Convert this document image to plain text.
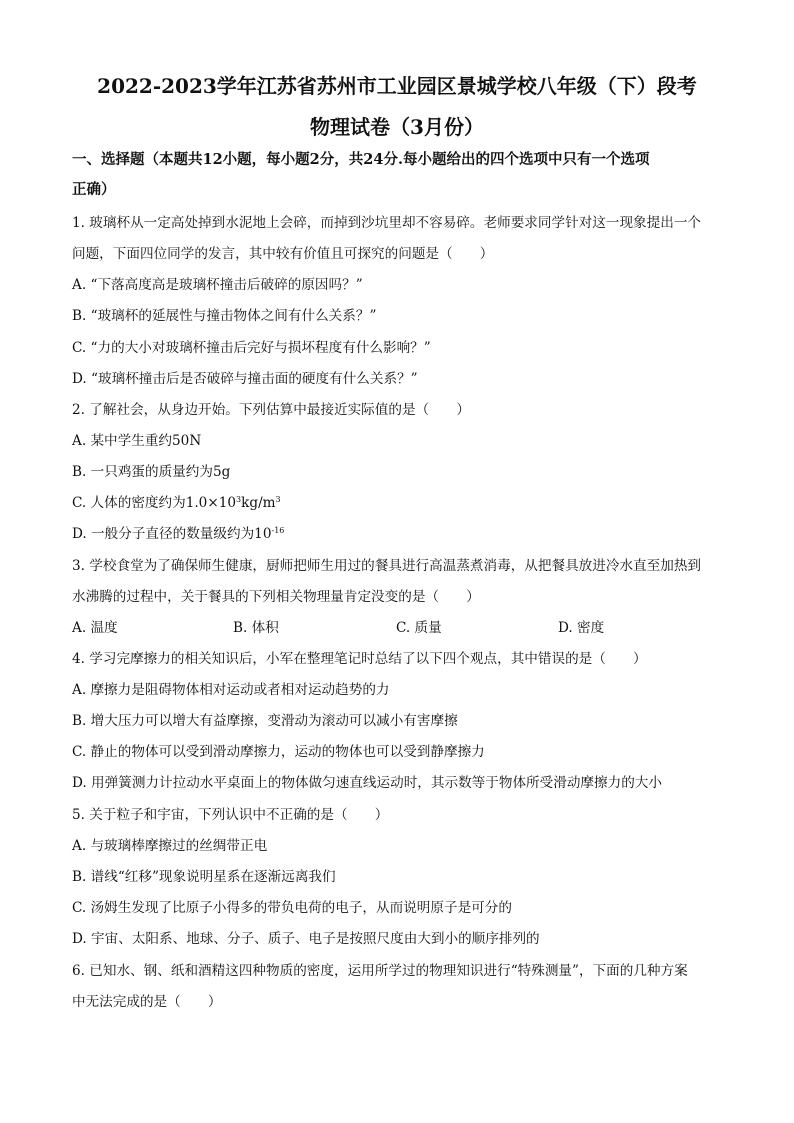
2022-2023学年江苏省苏州市工业园区景城学校八年级（下）段考
物理试卷（3月份）
一、选择题（本题共12小题，每小题2分，共24分.每小题给出的四个选项中只有一个选项
正确）
1. 玻璃杯从一定高处掉到水泥地上会碎，而掉到沙坑里却不容易碎。老师要求同学针对这一现象提出一个
问题，下面四位同学的发言，其中较有价值且可探究的问题是（　　）
A. “下落高度高是玻璃杯撞击后破碎的原因吗？”
B. “玻璃杯的延展性与撞击物体之间有什么关系？”
C. “力的大小对玻璃杯撞击后完好与损坏程度有什么影响？”
D. “玻璃杯撞击后是否破碎与撞击面的硬度有什么关系？”
2. 了解社会，从身边开始。下列估算中最接近实际值的是（　　）
A. 某中学生重约50N
B. 一只鸡蛋的质量约为5g
C. 人体的密度约为$1.0\times 10^3kg/m^3$
D. 一般分子直径的数量级约为$10^{-16}$
3. 学校食堂为了确保师生健康，厨师把师生用过的餐具进行高温蒸煮消毒，从把餐具放进冷水直至加热到
水沸腾的过程中，关于餐具的下列相关物理量肯定没变的是（　　）
A. 温度	B. 体积	C. 质量	D. 密度
4. 学习完摩擦力的相关知识后，小军在整理笔记时总结了以下四个观点，其中错误的是（　　）
A. 摩擦力是阻碍物体相对运动或者相对运动趋势的力
B. 增大压力可以增大有益摩擦，变滑动为滚动可以减小有害摩擦
C. 静止的物体可以受到滑动摩擦力，运动的物体也可以受到静摩擦力
D. 用弹簧测力计拉动水平桌面上的物体做匀速直线运动时，其示数等于物体所受滑动摩擦力的大小
5. 关于粒子和宇宙，下列认识中不正确的是（　　）
A. 与玻璃棒摩擦过的丝绸带正电
B. 谱线“红移”现象说明星系在逐渐远离我们
C. 汤姆生发现了比原子小得多的带负电荷的电子，从而说明原子是可分的
D. 宇宙、太阳系、地球、分子、质子、电子是按照尺度由大到小的顺序排列的
6. 已知水、钢、纸和酒精这四种物质的密度，运用所学过的物理知识进行“特殊测量”，下面的几种方案
中无法完成的是（　　）
